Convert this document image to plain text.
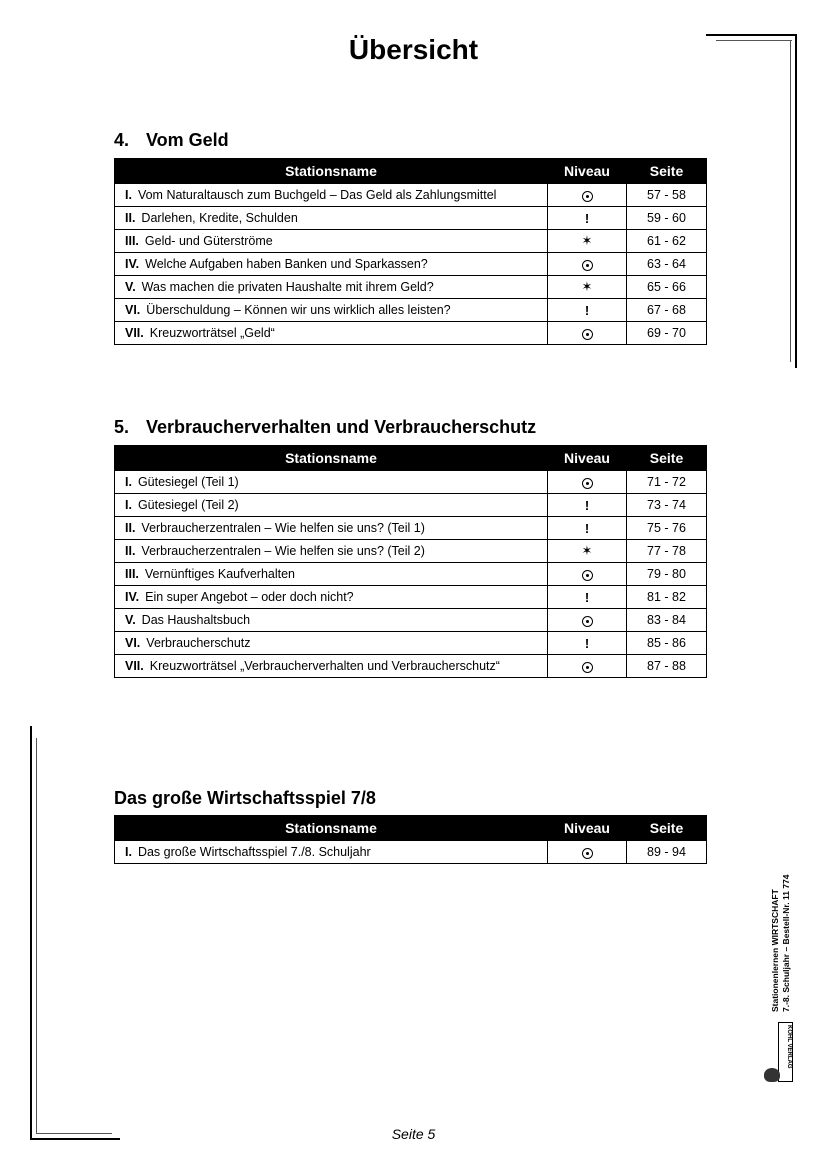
Übersicht
4. Vom Geld
Stationsname	Niveau	Seite
I. Vom Naturaltausch zum Buchgeld – Das Geld als Zahlungsmittel		57 - 58
II. Darlehen, Kredite, Schulden	!	59 - 60
III. Geld- und Güterströme	✶	61 - 62
IV. Welche Aufgaben haben Banken und Sparkassen?		63 - 64
V. Was machen die privaten Haushalte mit ihrem Geld?	✶	65 - 66
VI. Überschuldung – Können wir uns wirklich alles leisten?	!	67 - 68
VII. Kreuzworträtsel „Geld“		69 - 70
5. Verbraucherverhalten und Verbraucherschutz
Stationsname	Niveau	Seite
I. Gütesiegel (Teil 1)		71 - 72
I. Gütesiegel (Teil 2)	!	73 - 74
II. Verbraucherzentralen – Wie helfen sie uns? (Teil 1)	!	75 - 76
II. Verbraucherzentralen – Wie helfen sie uns? (Teil 2)	✶	77 - 78
III. Vernünftiges Kaufverhalten		79 - 80
IV. Ein super Angebot – oder doch nicht?	!	81 - 82
V. Das Haushaltsbuch		83 - 84
VI. Verbraucherschutz	!	85 - 86
VII. Kreuzworträtsel „Verbraucherverhalten und Verbraucherschutz“		87 - 88
Das große Wirtschaftsspiel 7/8
Stationsname	Niveau	Seite
I. Das große Wirtschaftsspiel 7./8. Schuljahr		89 - 94
Stationenlernen WIRTSCHAFT 7.-8. Schuljahr – Bestell-Nr. 11 774
KOHL VERLAG
Seite 5
